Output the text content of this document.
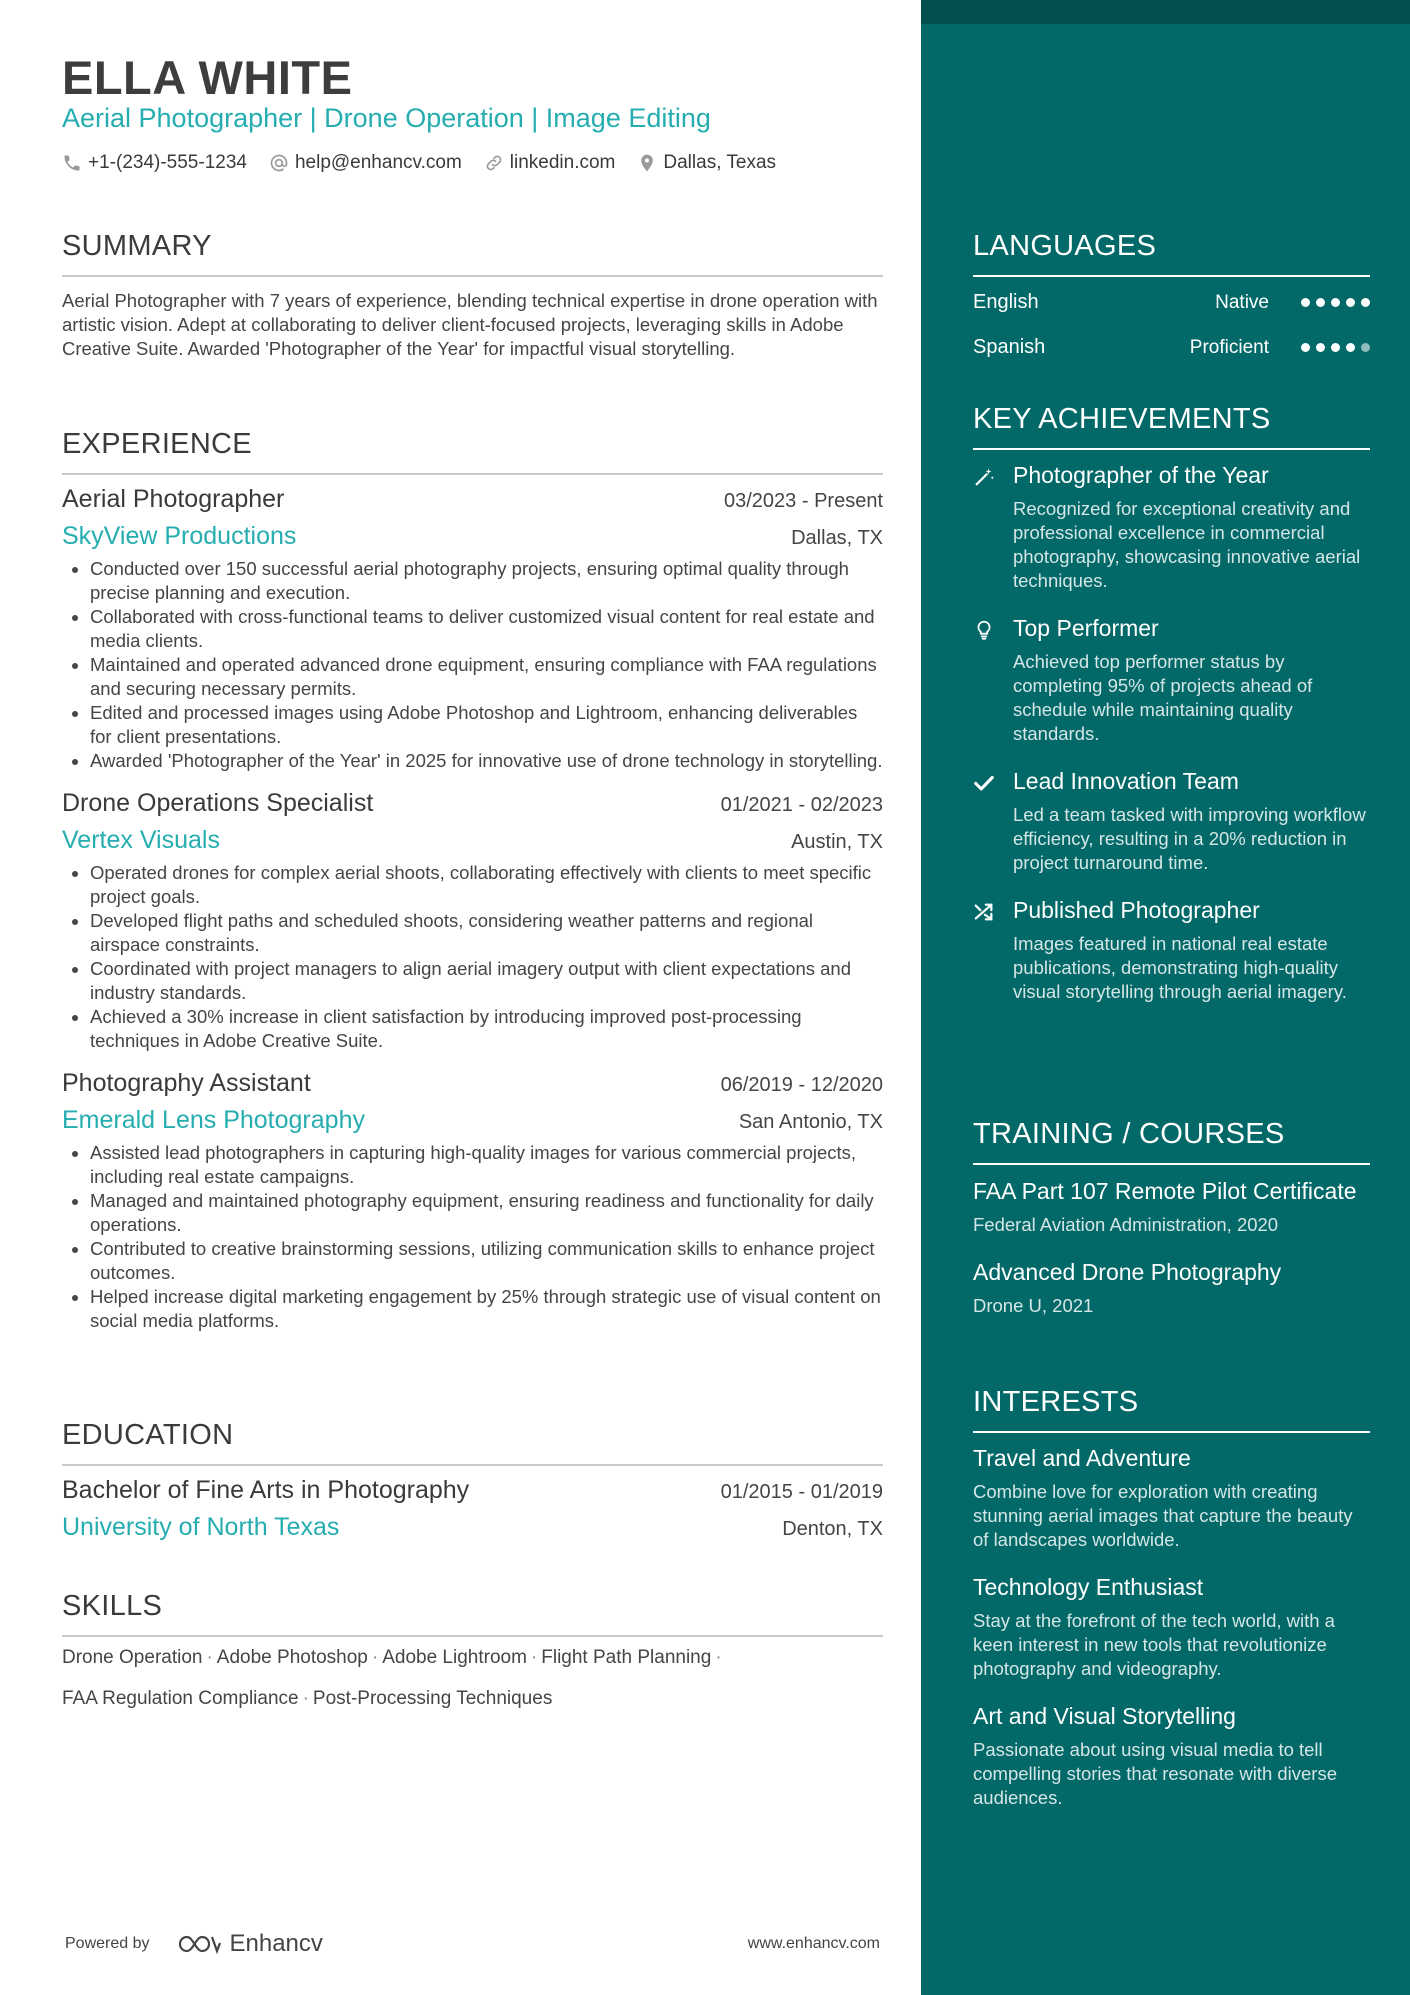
ELLA WHITE
Aerial Photographer | Drone Operation | Image Editing
+1-(234)-555-1234	help@enhancv.com	linkedin.com	Dallas, Texas
SUMMARY
Aerial Photographer with 7 years of experience, blending technical expertise in drone operation with artistic vision. Adept at collaborating to deliver client-focused projects, leveraging skills in Adobe Creative Suite. Awarded 'Photographer of the Year' for impactful visual storytelling.
EXPERIENCE
Aerial Photographer	03/2023 - Present
SkyView Productions	Dallas, TX
• Conducted over 150 successful aerial photography projects, ensuring optimal quality through precise planning and execution.
• Collaborated with cross-functional teams to deliver customized visual content for real estate and media clients.
• Maintained and operated advanced drone equipment, ensuring compliance with FAA regulations and securing necessary permits.
• Edited and processed images using Adobe Photoshop and Lightroom, enhancing deliverables for client presentations.
• Awarded 'Photographer of the Year' in 2025 for innovative use of drone technology in storytelling.
Drone Operations Specialist	01/2021 - 02/2023
Vertex Visuals	Austin, TX
• Operated drones for complex aerial shoots, collaborating effectively with clients to meet specific project goals.
• Developed flight paths and scheduled shoots, considering weather patterns and regional airspace constraints.
• Coordinated with project managers to align aerial imagery output with client expectations and industry standards.
• Achieved a 30% increase in client satisfaction by introducing improved post-processing techniques in Adobe Creative Suite.
Photography Assistant	06/2019 - 12/2020
Emerald Lens Photography	San Antonio, TX
• Assisted lead photographers in capturing high-quality images for various commercial projects, including real estate campaigns.
• Managed and maintained photography equipment, ensuring readiness and functionality for daily operations.
• Contributed to creative brainstorming sessions, utilizing communication skills to enhance project outcomes.
• Helped increase digital marketing engagement by 25% through strategic use of visual content on social media platforms.
EDUCATION
Bachelor of Fine Arts in Photography	01/2015 - 01/2019
University of North Texas	Denton, TX
SKILLS
Drone Operation · Adobe Photoshop · Adobe Lightroom · Flight Path Planning ·
FAA Regulation Compliance · Post-Processing Techniques
Powered by	Enhancv	www.enhancv.com
LANGUAGES
English	Native
Spanish	Proficient
KEY ACHIEVEMENTS
Photographer of the Year
Recognized for exceptional creativity and professional excellence in commercial photography, showcasing innovative aerial techniques.
Top Performer
Achieved top performer status by completing 95% of projects ahead of schedule while maintaining quality standards.
Lead Innovation Team
Led a team tasked with improving workflow efficiency, resulting in a 20% reduction in project turnaround time.
Published Photographer
Images featured in national real estate publications, demonstrating high-quality visual storytelling through aerial imagery.
TRAINING / COURSES
FAA Part 107 Remote Pilot Certificate
Federal Aviation Administration, 2020
Advanced Drone Photography
Drone U, 2021
INTERESTS
Travel and Adventure
Combine love for exploration with creating stunning aerial images that capture the beauty of landscapes worldwide.
Technology Enthusiast
Stay at the forefront of the tech world, with a keen interest in new tools that revolutionize photography and videography.
Art and Visual Storytelling
Passionate about using visual media to tell compelling stories that resonate with diverse audiences.
